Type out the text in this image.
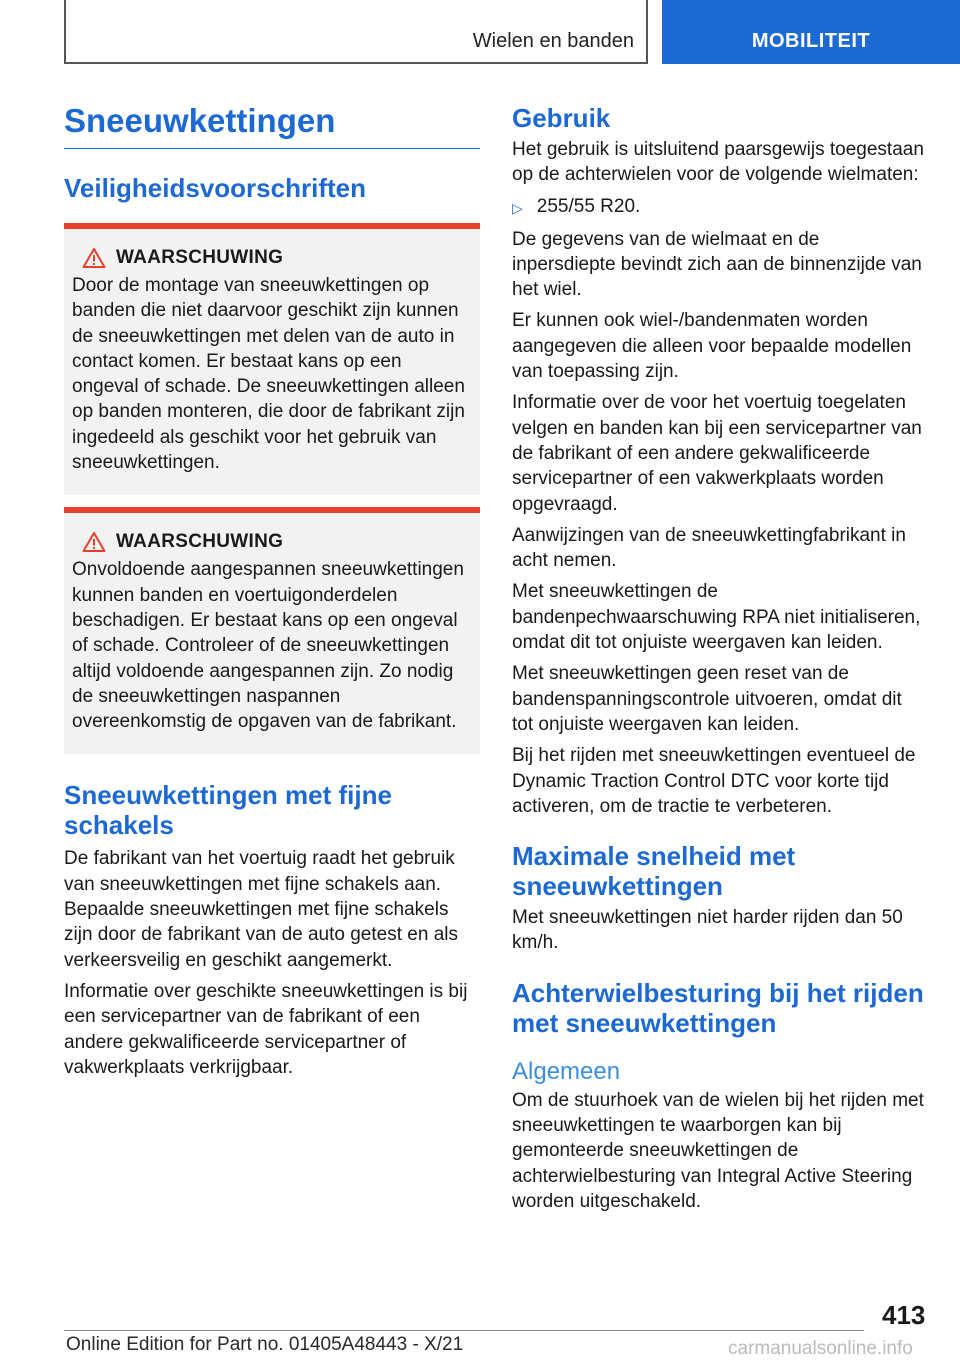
Wielen en banden	MOBILITEIT
Sneeuwkettingen
Veiligheidsvoorschriften
WAARSCHUWING

Door de montage van sneeuwkettingen op banden die niet daarvoor geschikt zijn kunnen de sneeuwkettingen met delen van de auto in contact komen. Er bestaat kans op een ongeval of schade. De sneeuwkettingen alleen op banden monteren, die door de fabrikant zijn ingedeeld als geschikt voor het gebruik van sneeuwkettingen.

WAARSCHUWING

Onvoldoende aangespannen sneeuwkettingen kunnen banden en voertuigonderdelen beschadigen. Er bestaat kans op een ongeval of schade. Controleer of de sneeuwkettingen altijd voldoende aangespannen zijn. Zo nodig de sneeuwkettingen naspannen overeenkomstig de opgaven van de fabrikant.

Sneeuwkettingen met fijne schakels

De fabrikant van het voertuig raadt het gebruik van sneeuwkettingen met fijne schakels aan. Bepaalde sneeuwkettingen met fijne schakels zijn door de fabrikant van de auto getest en als verkeersveilig en geschikt aangemerkt.

Informatie over geschikte sneeuwkettingen is bij een servicepartner van de fabrikant of een andere gekwalificeerde servicepartner of vakwerkplaats verkrijgbaar.

Gebruik

Het gebruik is uitsluitend paarsgewijs toegestaan op de achterwielen voor de volgende wielmaten:

▷ 255/55 R20.

De gegevens van de wielmaat en de inpersdiepte bevindt zich aan de binnenzijde van het wiel.

Er kunnen ook wiel-/bandenmaten worden aangegeven die alleen voor bepaalde modellen van toepassing zijn.

Informatie over de voor het voertuig toegelaten velgen en banden kan bij een servicepartner van de fabrikant of een andere gekwalificeerde servicepartner of een vakwerkplaats worden opgevraagd.

Aanwijzingen van de sneeuwkettingfabrikant in acht nemen.

Met sneeuwkettingen de bandenpechwaarschuwing RPA niet initialiseren, omdat dit tot onjuiste weergaven kan leiden.

Met sneeuwkettingen geen reset van de bandenspanningscontrole uitvoeren, omdat dit tot onjuiste weergaven kan leiden.

Bij het rijden met sneeuwkettingen eventueel de Dynamic Traction Control DTC voor korte tijd activeren, om de tractie te verbeteren.

Maximale snelheid met sneeuwkettingen

Met sneeuwkettingen niet harder rijden dan 50 km/h.

Achterwielbesturing bij het rijden met sneeuwkettingen
Algemeen

Om de stuurhoek van de wielen bij het rijden met sneeuwkettingen te waarborgen kan bij gemonteerde sneeuwkettingen de achterwielbesturing van Integral Active Steering worden uitgeschakeld.

413
Online Edition for Part no. 01405A48443 - X/21	carmanualsonline.info
